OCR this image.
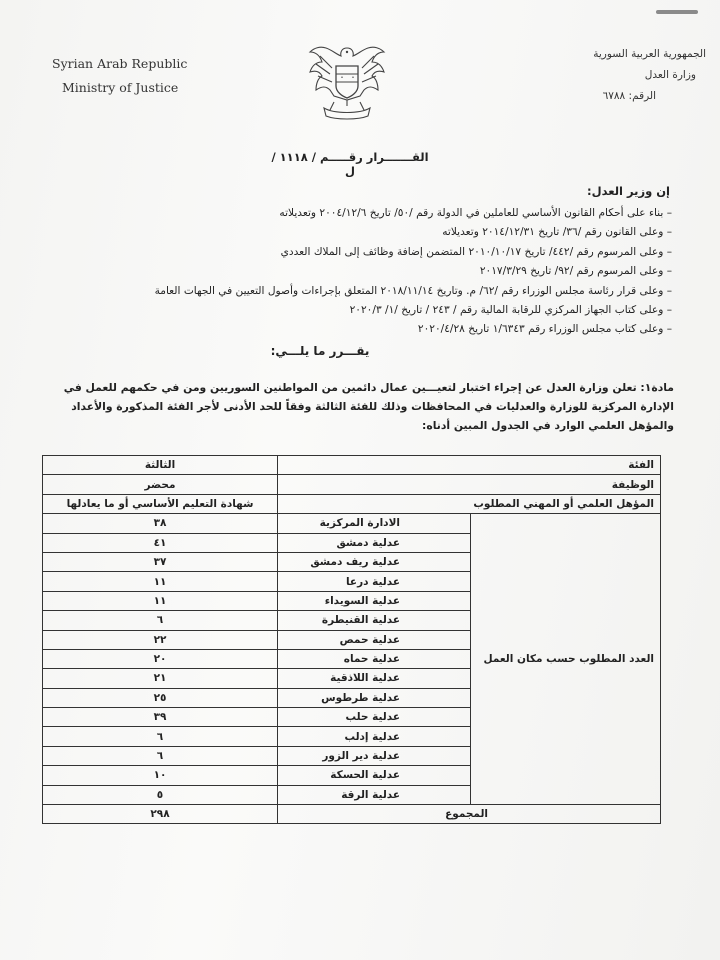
Syrian Arab Republic
Ministry of Justice
الجمهورية العربية السورية
وزارة العدل
الرقم: ٦٧٨٨
القـــــــرار رقـــــم / ١١١٨ / ل
إن وزير العدل:
– بناء على أحكام القانون الأساسي للعاملين في الدولة رقم /٥٠/ تاريخ ٢٠٠٤/١٢/٦ وتعديلاته
– وعلى القانون رقم /٣٦/ تاريخ ٢٠١٤/١٢/٣١ وتعديلاته
– وعلى المرسوم رقم /٤٤٢/ تاريخ ٢٠١٠/١٠/١٧ المتضمن إضافة وظائف إلى الملاك العددي
– وعلى المرسوم رقم /٩٢/ تاريخ ٢٠١٧/٣/٢٩
– وعلى قرار رئاسة مجلس الوزراء رقم /٦٢/ م. وتاريخ ٢٠١٨/١١/١٤ المتعلق بإجراءات وأصول التعيين في الجهات العامة
– وعلى كتاب الجهاز المركزي للرقابة المالية رقم / ٢٤٣ / تاريخ /١/ ٢٠٢٠/٣
– وعلى كتاب مجلس الوزراء رقم ١/٦٣٤٣ تاريخ ٢٠٢٠/٤/٢٨
يقـــرر ما يلـــي:

مادة١: تعلن وزارة العدل عن إجراء اختبار لتعيـــين عمال دائمين من المواطنين السوريين ومن في حكمهم للعمل في الإدارة المركزية للوزارة والعدليات في المحافظات وذلك للفئة الثالثة وفقاً للحد الأدنى لأجر الفئة المذكورة والأعداد والمؤهل العلمي الوارد في الجدول المبين أدناه:

الثالثة	الفئة	
محضر	الوظيفة	
شهادة التعليم الأساسي أو ما يعادلها	المؤهل العلمي أو المهني المطلوب	
٣٨	الادارة المركزية	العدد المطلوب حسب مكان العمل
٤١	عدلية دمشق	
٣٧	عدلية ريف دمشق	
١١	عدلية درعا	
١١	عدلية السويداء	
٦	عدلية القنيطرة	
٢٢	عدلية حمص	
٢٠	عدلية حماه	
٢١	عدلية اللاذقية	
٢٥	عدلية طرطوس	
٣٩	عدلية حلب	
٦	عدلية إدلب	
٦	عدلية دير الزور	
١٠	عدلية الحسكة	
٥	عدلية الرقة	
٢٩٨	المجموع	
